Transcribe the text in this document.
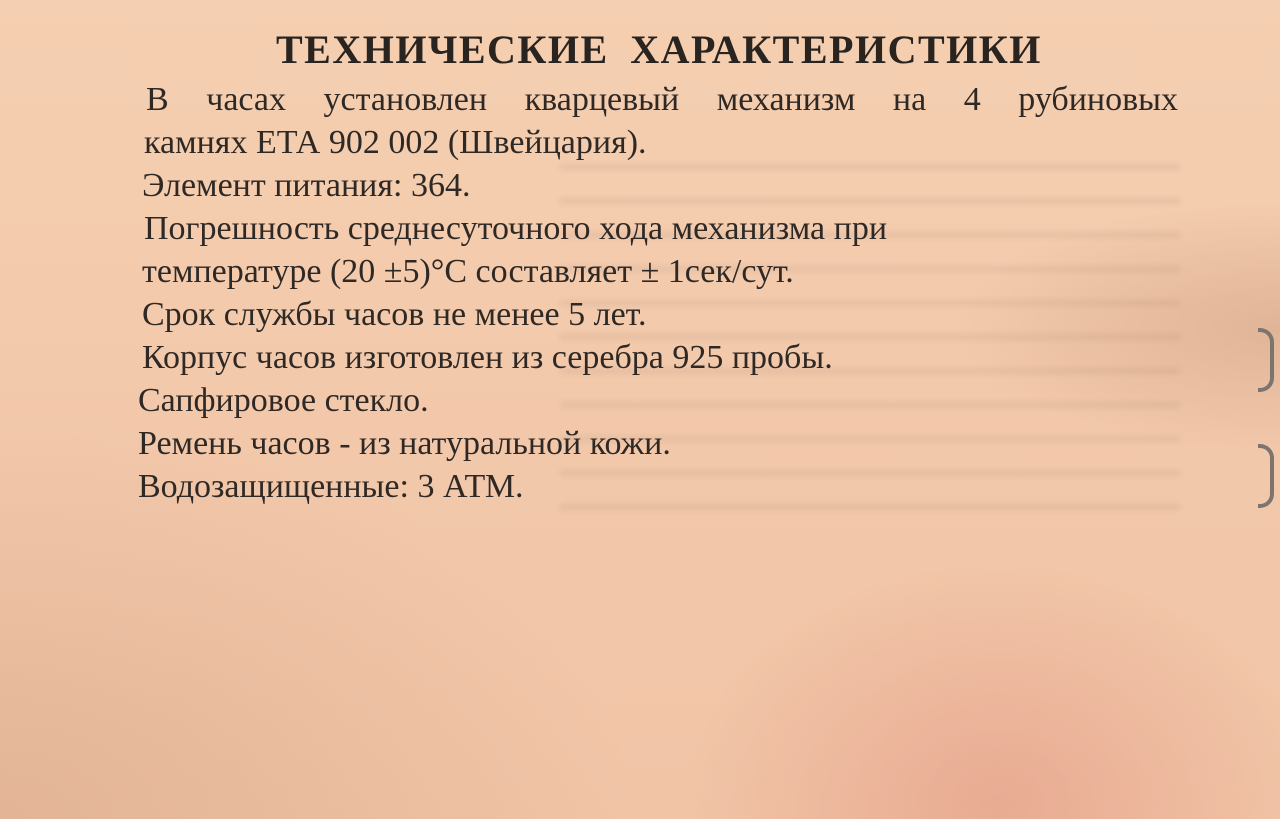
ТЕХНИЧЕСКИЕ ХАРАКТЕРИСТИКИ
В часах установлен кварцевый механизм на 4 рубиновых
камнях ЕТА 902 002 (Швейцария).
Элемент питания: 364.
Погрешность среднесуточного хода механизма при
температуре (20 ±5)°С составляет ± 1сек/сут.
Срок службы часов не менее 5 лет.
Корпус часов изготовлен из серебра 925 пробы.
Сапфировое стекло.
Ремень часов - из натуральной кожи.
Водозащищенные: 3 АТМ.
